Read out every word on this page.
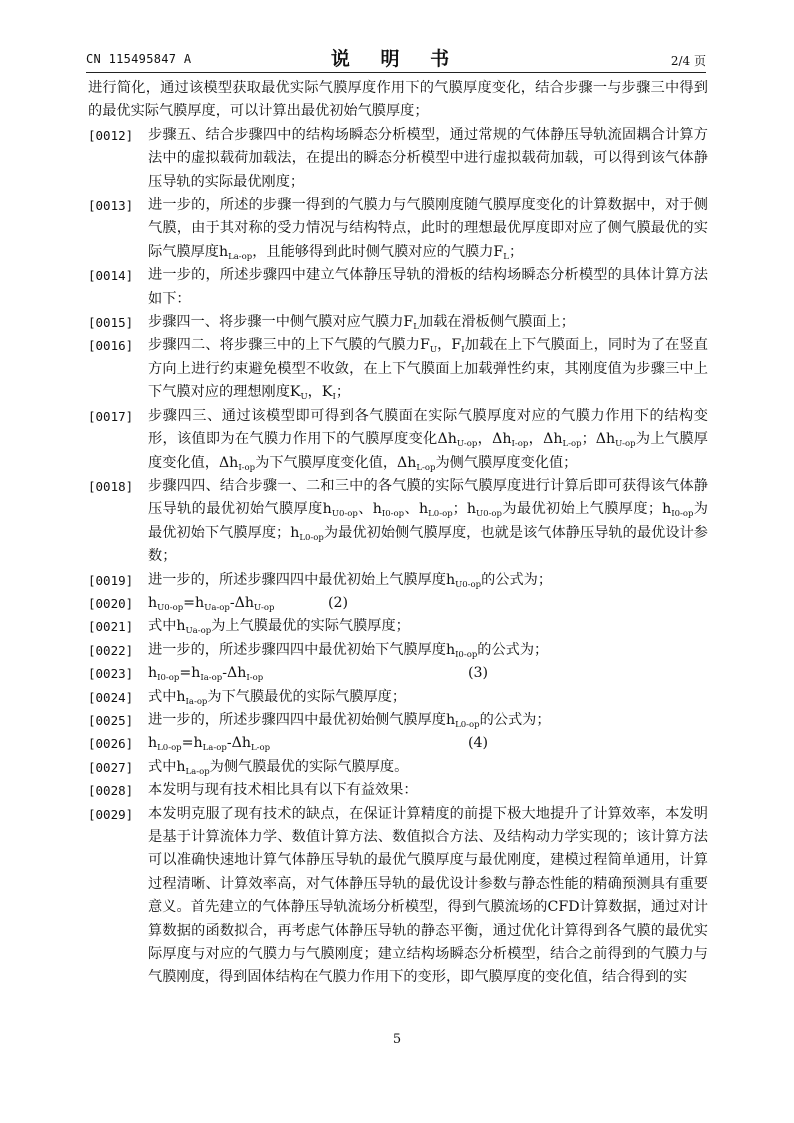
CN 115495847 A	说 明 书	2/4 页

进行简化，通过该模型获取最优实际气膜厚度作用下的气膜厚度变化，结合步骤一与步骤三中得到的最优实际气膜厚度，可以计算出最优初始气膜厚度；

[0012] 步骤五、结合步骤四中的结构场瞬态分析模型，通过常规的气体静压导轨流固耦合计算方法中的虚拟载荷加载法，在提出的瞬态分析模型中进行虚拟载荷加载，可以得到该气体静压导轨的实际最优刚度；

[0013] 进一步的，所述的步骤一得到的气膜力与气膜刚度随气膜厚度变化的计算数据中，对于侧气膜，由于其对称的受力情况与结构特点，此时的理想最优厚度即对应了侧气膜最优的实际气膜厚度$h_{La-op}$，且能够得到此时侧气膜对应的气膜力$F_L$；

[0014] 进一步的，所述步骤四中建立气体静压导轨的滑板的结构场瞬态分析模型的具体计算方法如下：

[0015] 步骤四一、将步骤一中侧气膜对应气膜力$F_L$加载在滑板侧气膜面上；

[0016] 步骤四二、将步骤三中的上下气膜的气膜力$F_U$，$F_I$加载在上下气膜面上，同时为了在竖直方向上进行约束避免模型不收敛，在上下气膜面上加载弹性约束，其刚度值为步骤三中上下气膜对应的理想刚度$K_U$，$K_I$；

[0017] 步骤四三、通过该模型即可得到各气膜面在实际气膜厚度对应的气膜力作用下的结构变形，该值即为在气膜力作用下的气膜厚度变化$\Delta h_{U-op}$，$\Delta h_{I-op}$，$\Delta h_{L-op}$；$\Delta h_{U-op}$为上气膜厚度变化值，$\Delta h_{I-op}$为下气膜厚度变化值，$\Delta h_{L-op}$为侧气膜厚度变化值；

[0018] 步骤四四、结合步骤一、二和三中的各气膜的实际气膜厚度进行计算后即可获得该气体静压导轨的最优初始气膜厚度$h_{U0-op}$、$h_{I0-op}$、$h_{L0-op}$；$h_{U0-op}$为最优初始上气膜厚度；$h_{I0-op}$为最优初始下气膜厚度；$h_{L0-op}$为最优初始侧气膜厚度，也就是该气体静压导轨的最优设计参数；

[0019] 进一步的，所述步骤四四中最优初始上气膜厚度$h_{U0-op}$的公式为；

[0020] $h_{U0-op}=h_{Ua-op}-\Delta h_{U-op}$	(2)

[0021] 式中$h_{Ua-op}$为上气膜最优的实际气膜厚度；

[0022] 进一步的，所述步骤四四中最优初始下气膜厚度$h_{I0-op}$的公式为；

[0023] $h_{I0-op}=h_{Ia-op}-\Delta h_{I-op}$	(3)

[0024] 式中$h_{Ia-op}$为下气膜最优的实际气膜厚度；

[0025] 进一步的，所述步骤四四中最优初始侧气膜厚度$h_{L0-op}$的公式为；

[0026] $h_{L0-op}=h_{La-op}-\Delta h_{L-op}$	(4)

[0027] 式中$h_{La-op}$为侧气膜最优的实际气膜厚度。

[0028] 本发明与现有技术相比具有以下有益效果：

[0029] 本发明克服了现有技术的缺点，在保证计算精度的前提下极大地提升了计算效率，本发明是基于计算流体力学、数值计算方法、数值拟合方法、及结构动力学实现的；该计算方法可以准确快速地计算气体静压导轨的最优气膜厚度与最优刚度，建模过程简单通用，计算过程清晰、计算效率高，对气体静压导轨的最优设计参数与静态性能的精确预测具有重要意义。首先建立的气体静压导轨流场分析模型，得到气膜流场的CFD计算数据，通过对计算数据的函数拟合，再考虑气体静压导轨的静态平衡，通过优化计算得到各气膜的最优实际厚度与对应的气膜力与气膜刚度；建立结构场瞬态分析模型，结合之前得到的气膜力与气膜刚度，得到固体结构在气膜力作用下的变形，即气膜厚度的变化值，结合得到的实

5
